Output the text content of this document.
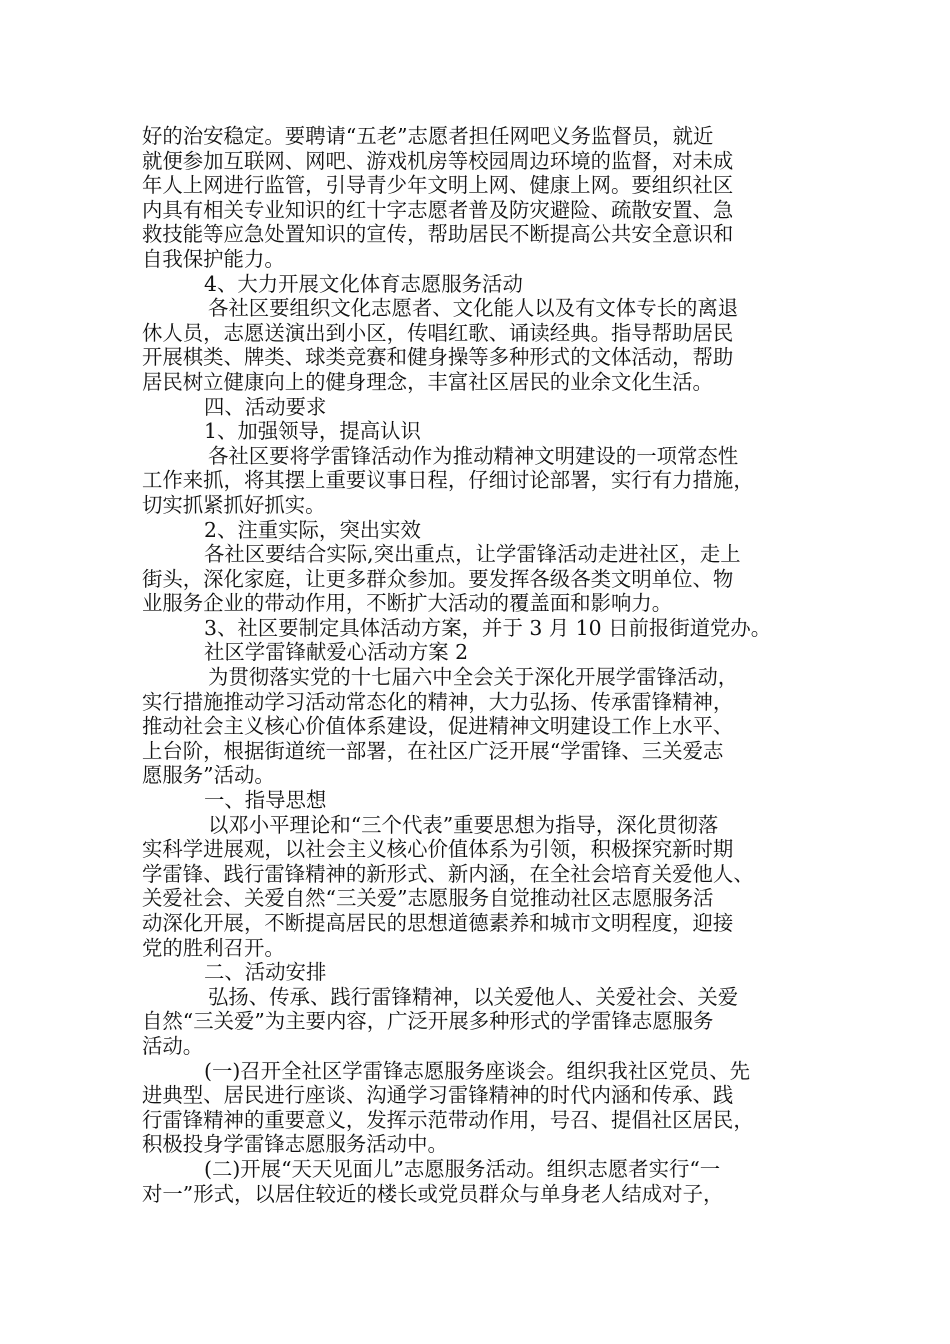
好的治安稳定。要聘请“五老”志愿者担任网吧义务监督员，就近
就便参加互联网、网吧、游戏机房等校园周边环境的监督，对未成
年人上网进行监管，引导青少年文明上网、健康上网。要组织社区
内具有相关专业知识的红十字志愿者普及防灾避险、疏散安置、急
救技能等应急处置知识的宣传，帮助居民不断提高公共安全意识和
自我保护能力。
4、大力开展文化体育志愿服务活动
各社区要组织文化志愿者、文化能人以及有文体专长的离退
休人员，志愿送演出到小区，传唱红歌、诵读经典。指导帮助居民
开展棋类、牌类、球类竞赛和健身操等多种形式的文体活动，帮助
居民树立健康向上的健身理念，丰富社区居民的业余文化生活。
四、活动要求
1、加强领导，提高认识
各社区要将学雷锋活动作为推动精神文明建设的一项常态性
工作来抓，将其摆上重要议事日程，仔细讨论部署，实行有力措施，
切实抓紧抓好抓实。
2、注重实际，突出实效
各社区要结合实际,突出重点，让学雷锋活动走进社区，走上
街头，深化家庭，让更多群众参加。要发挥各级各类文明单位、物
业服务企业的带动作用，不断扩大活动的覆盖面和影响力。
3、社区要制定具体活动方案，并于 3 月 10 日前报街道党办。
社区学雷锋献爱心活动方案 2
为贯彻落实党的十七届六中全会关于深化开展学雷锋活动，
实行措施推动学习活动常态化的精神，大力弘扬、传承雷锋精神，
推动社会主义核心价值体系建设，促进精神文明建设工作上水平、
上台阶，根据街道统一部署，在社区广泛开展“学雷锋、三关爱志
愿服务”活动。
一、指导思想
以邓小平理论和“三个代表”重要思想为指导，深化贯彻落
实科学进展观，以社会主义核心价值体系为引领，积极探究新时期
学雷锋、践行雷锋精神的新形式、新内涵，在全社会培育关爱他人、
关爱社会、关爱自然“三关爱”志愿服务自觉推动社区志愿服务活
动深化开展，不断提高居民的思想道德素养和城市文明程度，迎接
党的胜利召开。
二、活动安排
弘扬、传承、践行雷锋精神，以关爱他人、关爱社会、关爱
自然“三关爱”为主要内容，广泛开展多种形式的学雷锋志愿服务
活动。
(一)召开全社区学雷锋志愿服务座谈会。组织我社区党员、先
进典型、居民进行座谈、沟通学习雷锋精神的时代内涵和传承、践
行雷锋精神的重要意义，发挥示范带动作用，号召、提倡社区居民，
积极投身学雷锋志愿服务活动中。
(二)开展“天天见面儿”志愿服务活动。组织志愿者实行“一
对一”形式，以居住较近的楼长或党员群众与单身老人结成对子，
